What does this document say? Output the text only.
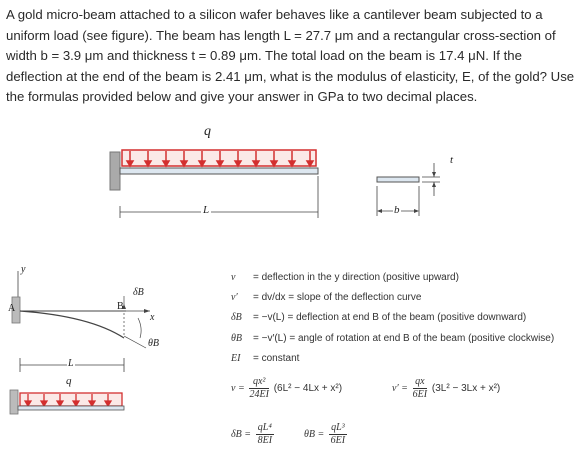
A gold micro-beam attached to a silicon wafer behaves like a cantilever beam subjected to a uniform load (see figure). The beam has length L = 27.7 μm and a rectangular cross-section of width b = 3.9 μm and thickness t = 0.89 μm. The total load on the beam is 17.4 μN. If the deflection at the end of the beam is 2.41 μm, what is the modulus of elasticity, E, of the gold? Use the formulas provided below and give your answer in GPa to two decimal places.
q
L	b
t
y
A	B
x
δB
θB
L
q
v = deflection in the y direction (positive upward)
v′ = dv/dx = slope of the deflection curve
δB = −v(L) = deflection at end B of the beam (positive downward)
θB = −v′(L) = angle of rotation at end B of the beam (positive clockwise)
EI = constant
$v = \frac{\text{qx²}}{24EI} (6L^2 - 4Lx + x^2)$	$v' = \frac{qx}{6EI} (3L^2 - 3Lx + x^2)$
$\delta B = \frac{\text{qL⁴}}{8EI}$	$\theta B = \frac{\text{qL³}}{6EI}$
